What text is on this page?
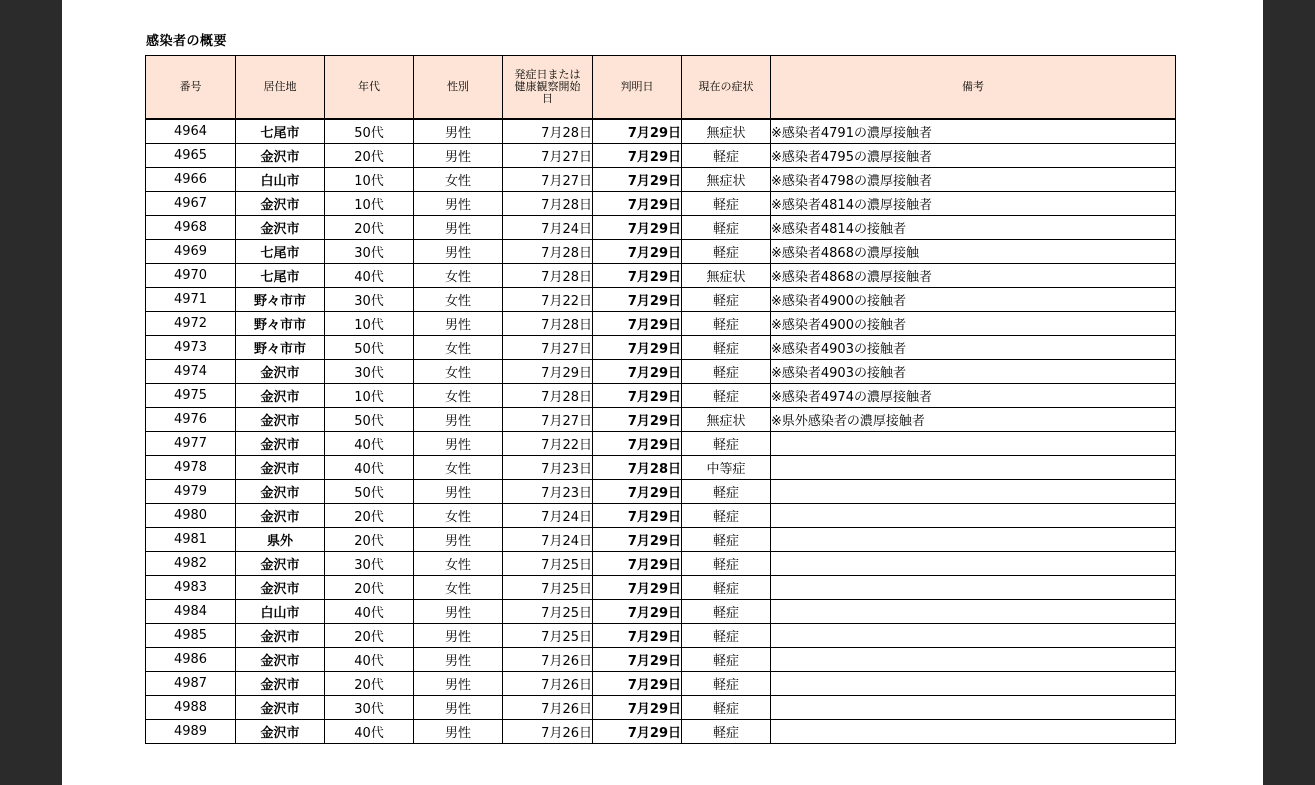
感染者の概要
番号	居住地	年代	性別	発症日または健康観察開始日	判明日	現在の症状	備考
4964	七尾市	50代	男性	7月28日	7月29日	無症状	※感染者4791の濃厚接触者
4965	金沢市	20代	男性	7月27日	7月29日	軽症	※感染者4795の濃厚接触者
4966	白山市	10代	女性	7月27日	7月29日	無症状	※感染者4798の濃厚接触者
4967	金沢市	10代	男性	7月28日	7月29日	軽症	※感染者4814の濃厚接触者
4968	金沢市	20代	男性	7月24日	7月29日	軽症	※感染者4814の接触者
4969	七尾市	30代	男性	7月28日	7月29日	軽症	※感染者4868の濃厚接触
4970	七尾市	40代	女性	7月28日	7月29日	無症状	※感染者4868の濃厚接触者
4971	野々市市	30代	女性	7月22日	7月29日	軽症	※感染者4900の接触者
4972	野々市市	10代	男性	7月28日	7月29日	軽症	※感染者4900の接触者
4973	野々市市	50代	女性	7月27日	7月29日	軽症	※感染者4903の接触者
4974	金沢市	30代	女性	7月29日	7月29日	軽症	※感染者4903の接触者
4975	金沢市	10代	女性	7月28日	7月29日	軽症	※感染者4974の濃厚接触者
4976	金沢市	50代	男性	7月27日	7月29日	無症状	※県外感染者の濃厚接触者
4977	金沢市	40代	男性	7月22日	7月29日	軽症	
4978	金沢市	40代	女性	7月23日	7月28日	中等症	
4979	金沢市	50代	男性	7月23日	7月29日	軽症	
4980	金沢市	20代	女性	7月24日	7月29日	軽症	
4981	県外	20代	男性	7月24日	7月29日	軽症	
4982	金沢市	30代	女性	7月25日	7月29日	軽症	
4983	金沢市	20代	女性	7月25日	7月29日	軽症	
4984	白山市	40代	男性	7月25日	7月29日	軽症	
4985	金沢市	20代	男性	7月25日	7月29日	軽症	
4986	金沢市	40代	男性	7月26日	7月29日	軽症	
4987	金沢市	20代	男性	7月26日	7月29日	軽症	
4988	金沢市	30代	男性	7月26日	7月29日	軽症	
4989	金沢市	40代	男性	7月26日	7月29日	軽症	
